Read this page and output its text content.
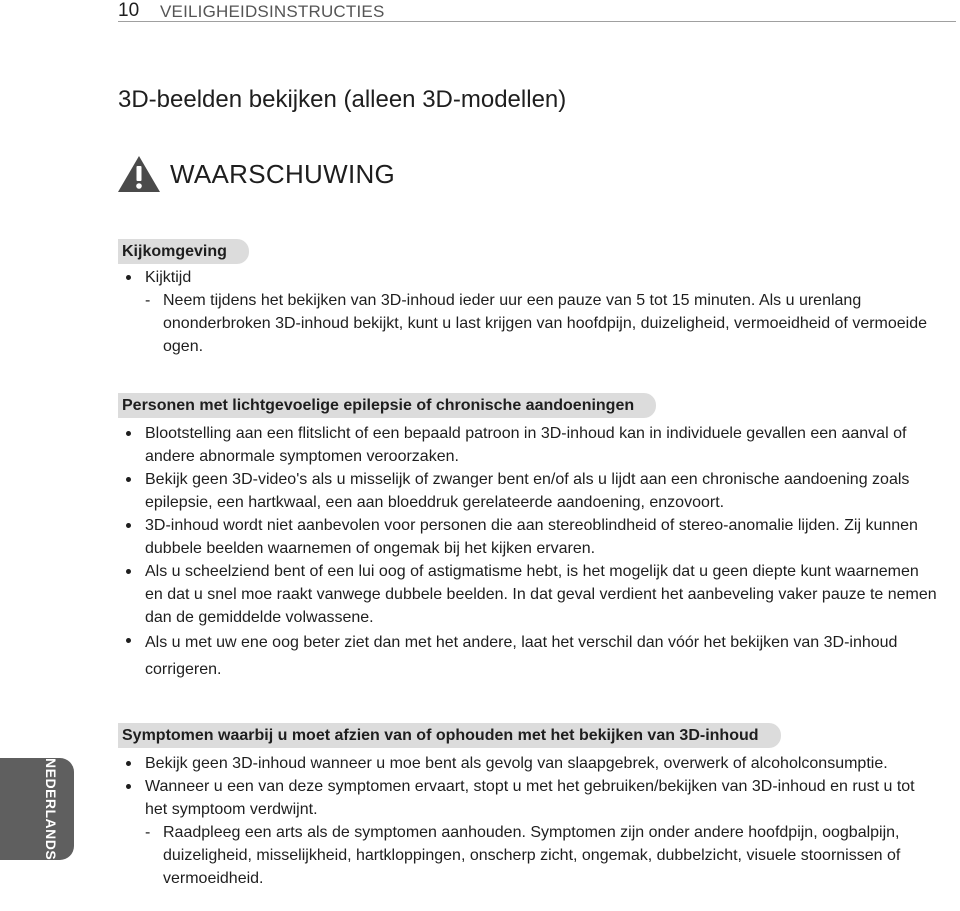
10 VEILIGHEIDSINSTRUCTIES
3D-beelden bekijken (alleen 3D-modellen)
WAARSCHUWING
Kijkomgeving
Kijktijd
- Neem tijdens het bekijken van 3D-inhoud ieder uur een pauze van 5 tot 15 minuten. Als u urenlang ononderbroken 3D-inhoud bekijkt, kunt u last krijgen van hoofdpijn, duizeligheid, vermoeidheid of vermoeide ogen.
Personen met lichtgevoelige epilepsie of chronische aandoeningen
Blootstelling aan een flitslicht of een bepaald patroon in 3D-inhoud kan in individuele gevallen een aanval of andere abnormale symptomen veroorzaken.
Bekijk geen 3D-video's als u misselijk of zwanger bent en/of als u lijdt aan een chronische aandoening zoals epilepsie, een hartkwaal, een aan bloeddruk gerelateerde aandoening, enzovoort.
3D-inhoud wordt niet aanbevolen voor personen die aan stereoblindheid of stereo-anomalie lijden. Zij kunnen dubbele beelden waarnemen of ongemak bij het kijken ervaren.
Als u scheelziend bent of een lui oog of astigmatisme hebt, is het mogelijk dat u geen diepte kunt waarnemen en dat u snel moe raakt vanwege dubbele beelden. In dat geval verdient het aanbeveling vaker pauze te nemen dan de gemiddelde volwassene.
Als u met uw ene oog beter ziet dan met het andere, laat het verschil dan vóór het bekijken van 3D-inhoud corrigeren.
Symptomen waarbij u moet afzien van of ophouden met het bekijken van 3D-inhoud
Bekijk geen 3D-inhoud wanneer u moe bent als gevolg van slaapgebrek, overwerk of alcoholconsumptie.
Wanneer u een van deze symptomen ervaart, stopt u met het gebruiken/bekijken van 3D-inhoud en rust u tot het symptoom verdwijnt.
- Raadpleeg een arts als de symptomen aanhouden. Symptomen zijn onder andere hoofdpijn, oogbalpijn, duizeligheid, misselijkheid, hartkloppingen, onscherp zicht, ongemak, dubbelzicht, visuele stoornissen of vermoeidheid.
NEDERLANDS
